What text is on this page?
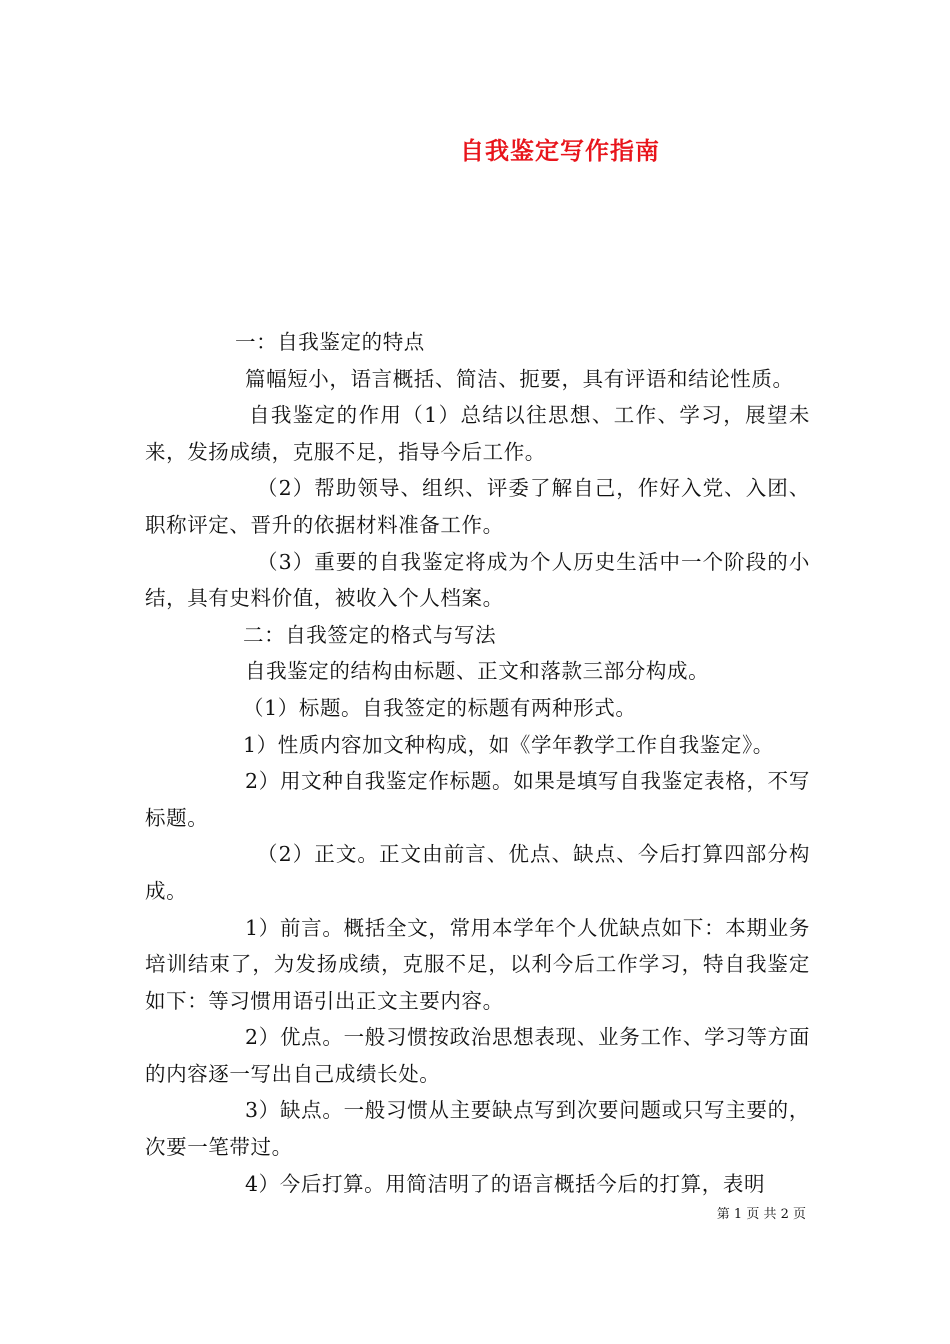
自我鉴定写作指南

一：自我鉴定的特点

篇幅短小，语言概括、简洁、扼要，具有评语和结论性质。

自我鉴定的作用（1）总结以往思想、工作、学习，展望未来，发扬成绩，克服不足，指导今后工作。

（2）帮助领导、组织、评委了解自己，作好入党、入团、职称评定、晋升的依据材料准备工作。

（3）重要的自我鉴定将成为个人历史生活中一个阶段的小结，具有史料价值，被收入个人档案。

二：自我签定的格式与写法

自我鉴定的结构由标题、正文和落款三部分构成。

（1）标题。自我签定的标题有两种形式。

1）性质内容加文种构成，如《学年教学工作自我鉴定》。

2）用文种自我鉴定作标题。如果是填写自我鉴定表格，不写标题。

（2）正文。正文由前言、优点、缺点、今后打算四部分构成。

1）前言。概括全文，常用本学年个人优缺点如下：本期业务培训结束了，为发扬成绩，克服不足，以利今后工作学习，特自我鉴定如下：等习惯用语引出正文主要内容。

2）优点。一般习惯按政治思想表现、业务工作、学习等方面的内容逐一写出自己成绩长处。

3）缺点。一般习惯从主要缺点写到次要问题或只写主要的，次要一笔带过。

4）今后打算。用简洁明了的语言概括今后的打算，表明

第 1 页 共 2 页
